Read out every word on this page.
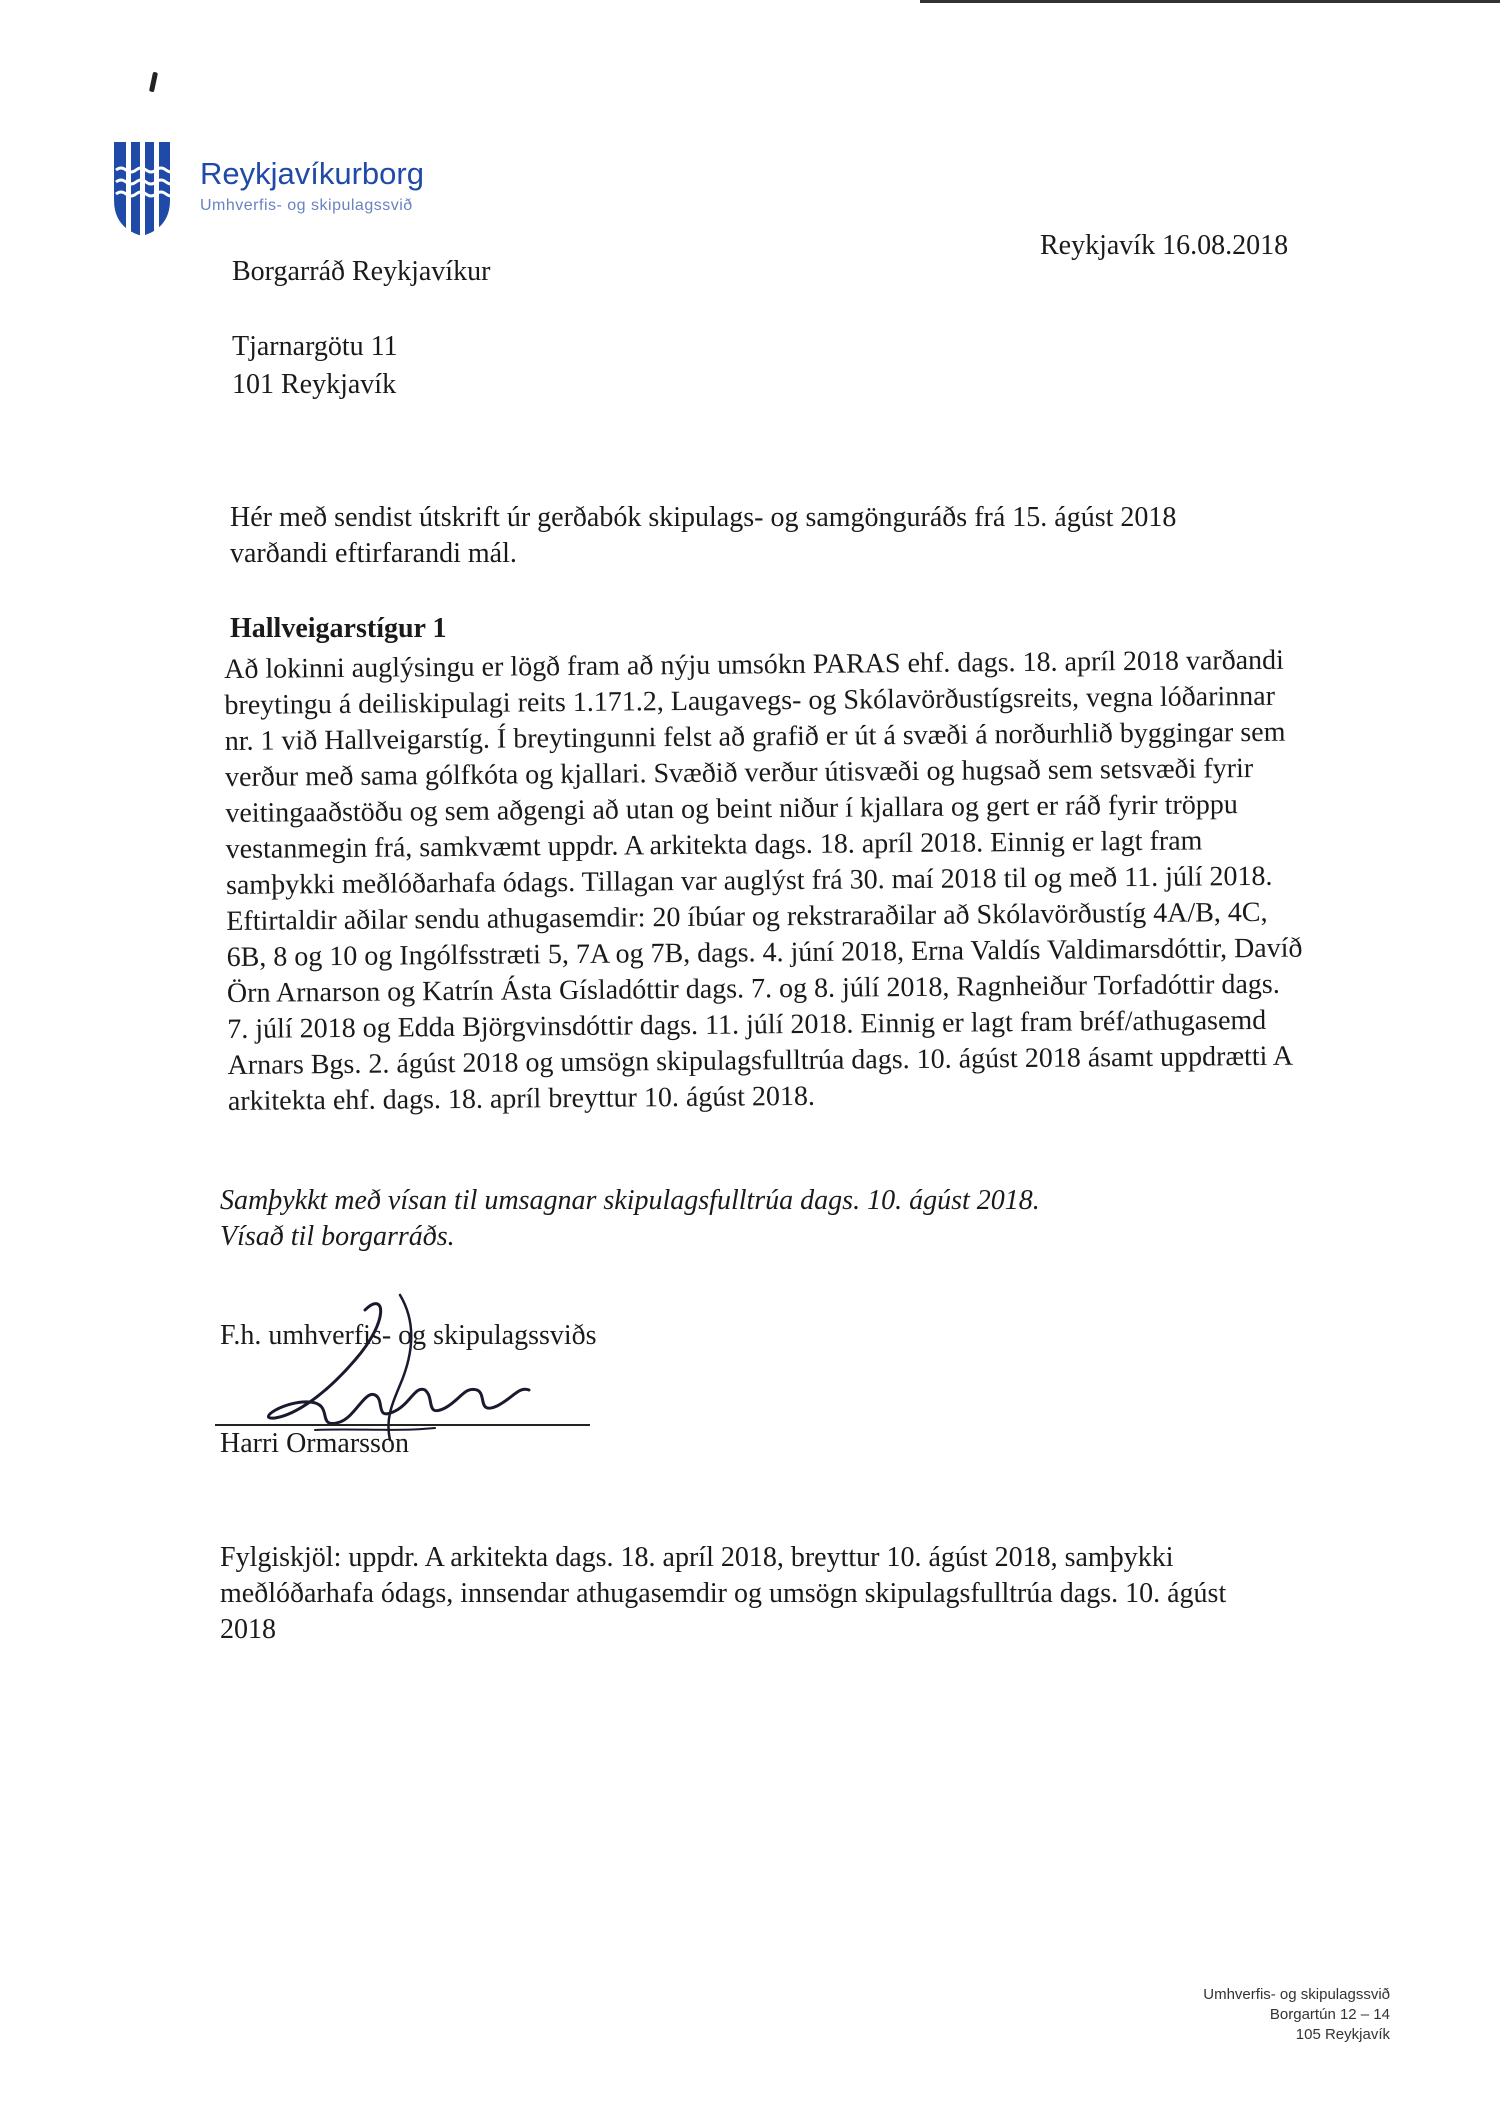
Reykjavíkurborg
Umhverfis- og skipulagssvið
Reykjavík 16.08.2018
Borgarráð Reykjavíkur
Tjarnargötu 11
101 Reykjavík
Hér með sendist útskrift úr gerðabók skipulags- og samgönguráðs frá 15. ágúst 2018 varðandi eftirfarandi mál.
Hallveigarstígur 1
Að lokinni auglýsingu er lögð fram að nýju umsókn PARAS ehf. dags. 18. apríl 2018 varðandi breytingu á deiliskipulagi reits 1.171.2, Laugavegs- og Skólavörðustígsreits, vegna lóðarinnar nr. 1 við Hallveigarstíg. Í breytingunni felst að grafið er út á svæði á norðurhlið byggingar sem verður með sama gólfkóta og kjallari. Svæðið verður útisvæði og hugsað sem setsvæði fyrir veitingaaðstöðu og sem aðgengi að utan og beint niður í kjallara og gert er ráð fyrir tröppu vestanmegin frá, samkvæmt uppdr. A arkitekta dags. 18. apríl 2018. Einnig er lagt fram samþykki meðlóðarhafa ódags. Tillagan var auglýst frá 30. maí 2018 til og með 11. júlí 2018. Eftirtaldir aðilar sendu athugasemdir: 20 íbúar og rekstraraðilar að Skólavörðustíg 4A/B, 4C, 6B, 8 og 10 og Ingólfsstræti 5, 7A og 7B, dags. 4. júní 2018, Erna Valdís Valdimarsdóttir, Davíð Örn Arnarson og Katrín Ásta Gísladóttir dags. 7. og 8. júlí 2018, Ragnheiður Torfadóttir dags. 7. júlí 2018 og Edda Björgvinsdóttir dags. 11. júlí 2018. Einnig er lagt fram bréf/athugasemd Arnars Bgs. 2. ágúst 2018 og umsögn skipulagsfulltrúa dags. 10. ágúst 2018 ásamt uppdrætti A arkitekta ehf. dags. 18. apríl breyttur 10. ágúst 2018.
Samþykkt með vísan til umsagnar skipulagsfulltrúa dags. 10. ágúst 2018.
Vísað til borgarráðs.
F.h. umhverfis- og skipulagssviðs
Harri Ormarsson
Fylgiskjöl: uppdr. A arkitekta dags. 18. apríl 2018, breyttur 10. ágúst 2018, samþykki meðlóðarhafa ódags, innsendar athugasemdir og umsögn skipulagsfulltrúa dags. 10. ágúst 2018
Umhverfis- og skipulagssvið
Borgartún 12 – 14
105 Reykjavík
